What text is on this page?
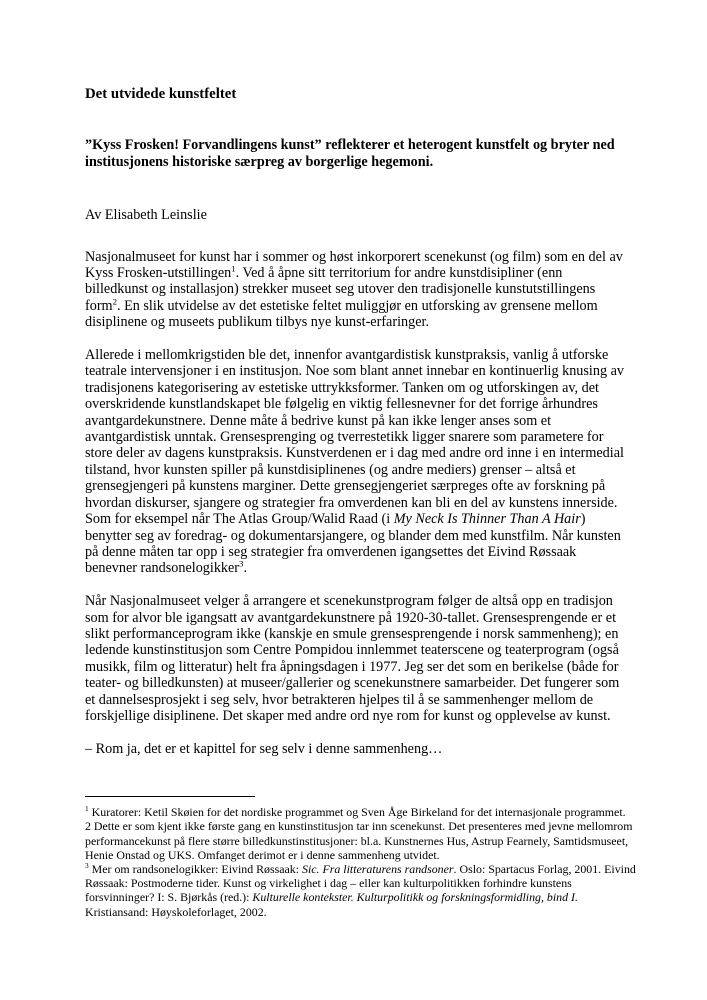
Det utvidede kunstfeltet

”Kyss Frosken! Forvandlingens kunst” reflekterer et heterogent kunstfelt og bryter ned institusjonens historiske særpreg av borgerlige hegemoni.

Av Elisabeth Leinslie

Nasjonalmuseet for kunst har i sommer og høst inkorporert scenekunst (og film) som en del av Kyss Frosken-utstillingen$^1$. Ved å åpne sitt territorium for andre kunstdisipliner (enn billedkunst og installasjon) strekker museet seg utover den tradisjonelle kunstutstillingens form$^2$. En slik utvidelse av det estetiske feltet muliggjør en utforsking av grensene mellom disiplinene og museets publikum tilbys nye kunst-erfaringer.

Allerede i mellomkrigstiden ble det, innenfor avantgardistisk kunstpraksis, vanlig å utforske teatrale intervensjoner i en institusjon. Noe som blant annet innebar en kontinuerlig knusing av tradisjonens kategorisering av estetiske uttrykksformer. Tanken om og utforskingen av, det overskridende kunstlandskapet ble følgelig en viktig fellesnevner for det forrige århundres avantgardekunstnere. Denne måte å bedrive kunst på kan ikke lenger anses som et avantgardistisk unntak. Grensesprenging og tverrestetikk ligger snarere som parametere for store deler av dagens kunstpraksis. Kunstverdenen er i dag med andre ord inne i en intermedial tilstand, hvor kunsten spiller på kunstdisiplinenes (og andre mediers) grenser – altså et grensegjengeri på kunstens marginer. Dette grensegjengeriet særpreges ofte av forskning på hvordan diskurser, sjangere og strategier fra omverdenen kan bli en del av kunstens innerside. Som for eksempel når The Atlas Group/Walid Raad (i My Neck Is Thinner Than A Hair) benytter seg av foredrag- og dokumentarsjangere, og blander dem med kunstfilm. Når kunsten på denne måten tar opp i seg strategier fra omverdenen igangsettes det Eivind Røssaak benevner randsonelogikker$^3$.

Når Nasjonalmuseet velger å arrangere et scenekunstprogram følger de altså opp en tradisjon som for alvor ble igangsatt av avantgardekunstnere på 1920-30-tallet. Grensesprengende er et slikt performanceprogram ikke (kanskje en smule grensesprengende i norsk sammenheng); en ledende kunstinstitusjon som Centre Pompidou innlemmet teaterscene og teaterprogram (også musikk, film og litteratur) helt fra åpningsdagen i 1977. Jeg ser det som en berikelse (både for teater- og billedkunsten) at museer/gallerier og scenekunstnere samarbeider. Det fungerer som et dannelsesprosjekt i seg selv, hvor betrakteren hjelpes til å se sammenhenger mellom de forskjellige disiplinene. Det skaper med andre ord nye rom for kunst og opplevelse av kunst.

– Rom ja, det er et kapittel for seg selv i denne sammenheng…

$^1$ Kuratorer: Ketil Skøien for det nordiske programmet og Sven Åge Birkeland for det internasjonale programmet.

2 Dette er som kjent ikke første gang en kunstinstitusjon tar inn scenekunst. Det presenteres med jevne mellomrom performancekunst på flere større billedkunstinstitusjoner: bl.a. Kunstnernes Hus, Astrup Fearnely, Samtidsmuseet, Henie Onstad og UKS. Omfanget derimot er i denne sammenheng utvidet.

$^3$ Mer om randsonelogikker: Eivind Røssaak: Sic. Fra litteraturens randsoner. Oslo: Spartacus Forlag, 2001. Eivind Røssaak: Postmoderne tider. Kunst og virkelighet i dag – eller kan kulturpolitikken forhindre kunstens forsvinninger? I: S. Bjørkås (red.): Kulturelle kontekster. Kulturpolitikk og forskningsformidling, bind I. Kristiansand: Høyskoleforlaget, 2002.
